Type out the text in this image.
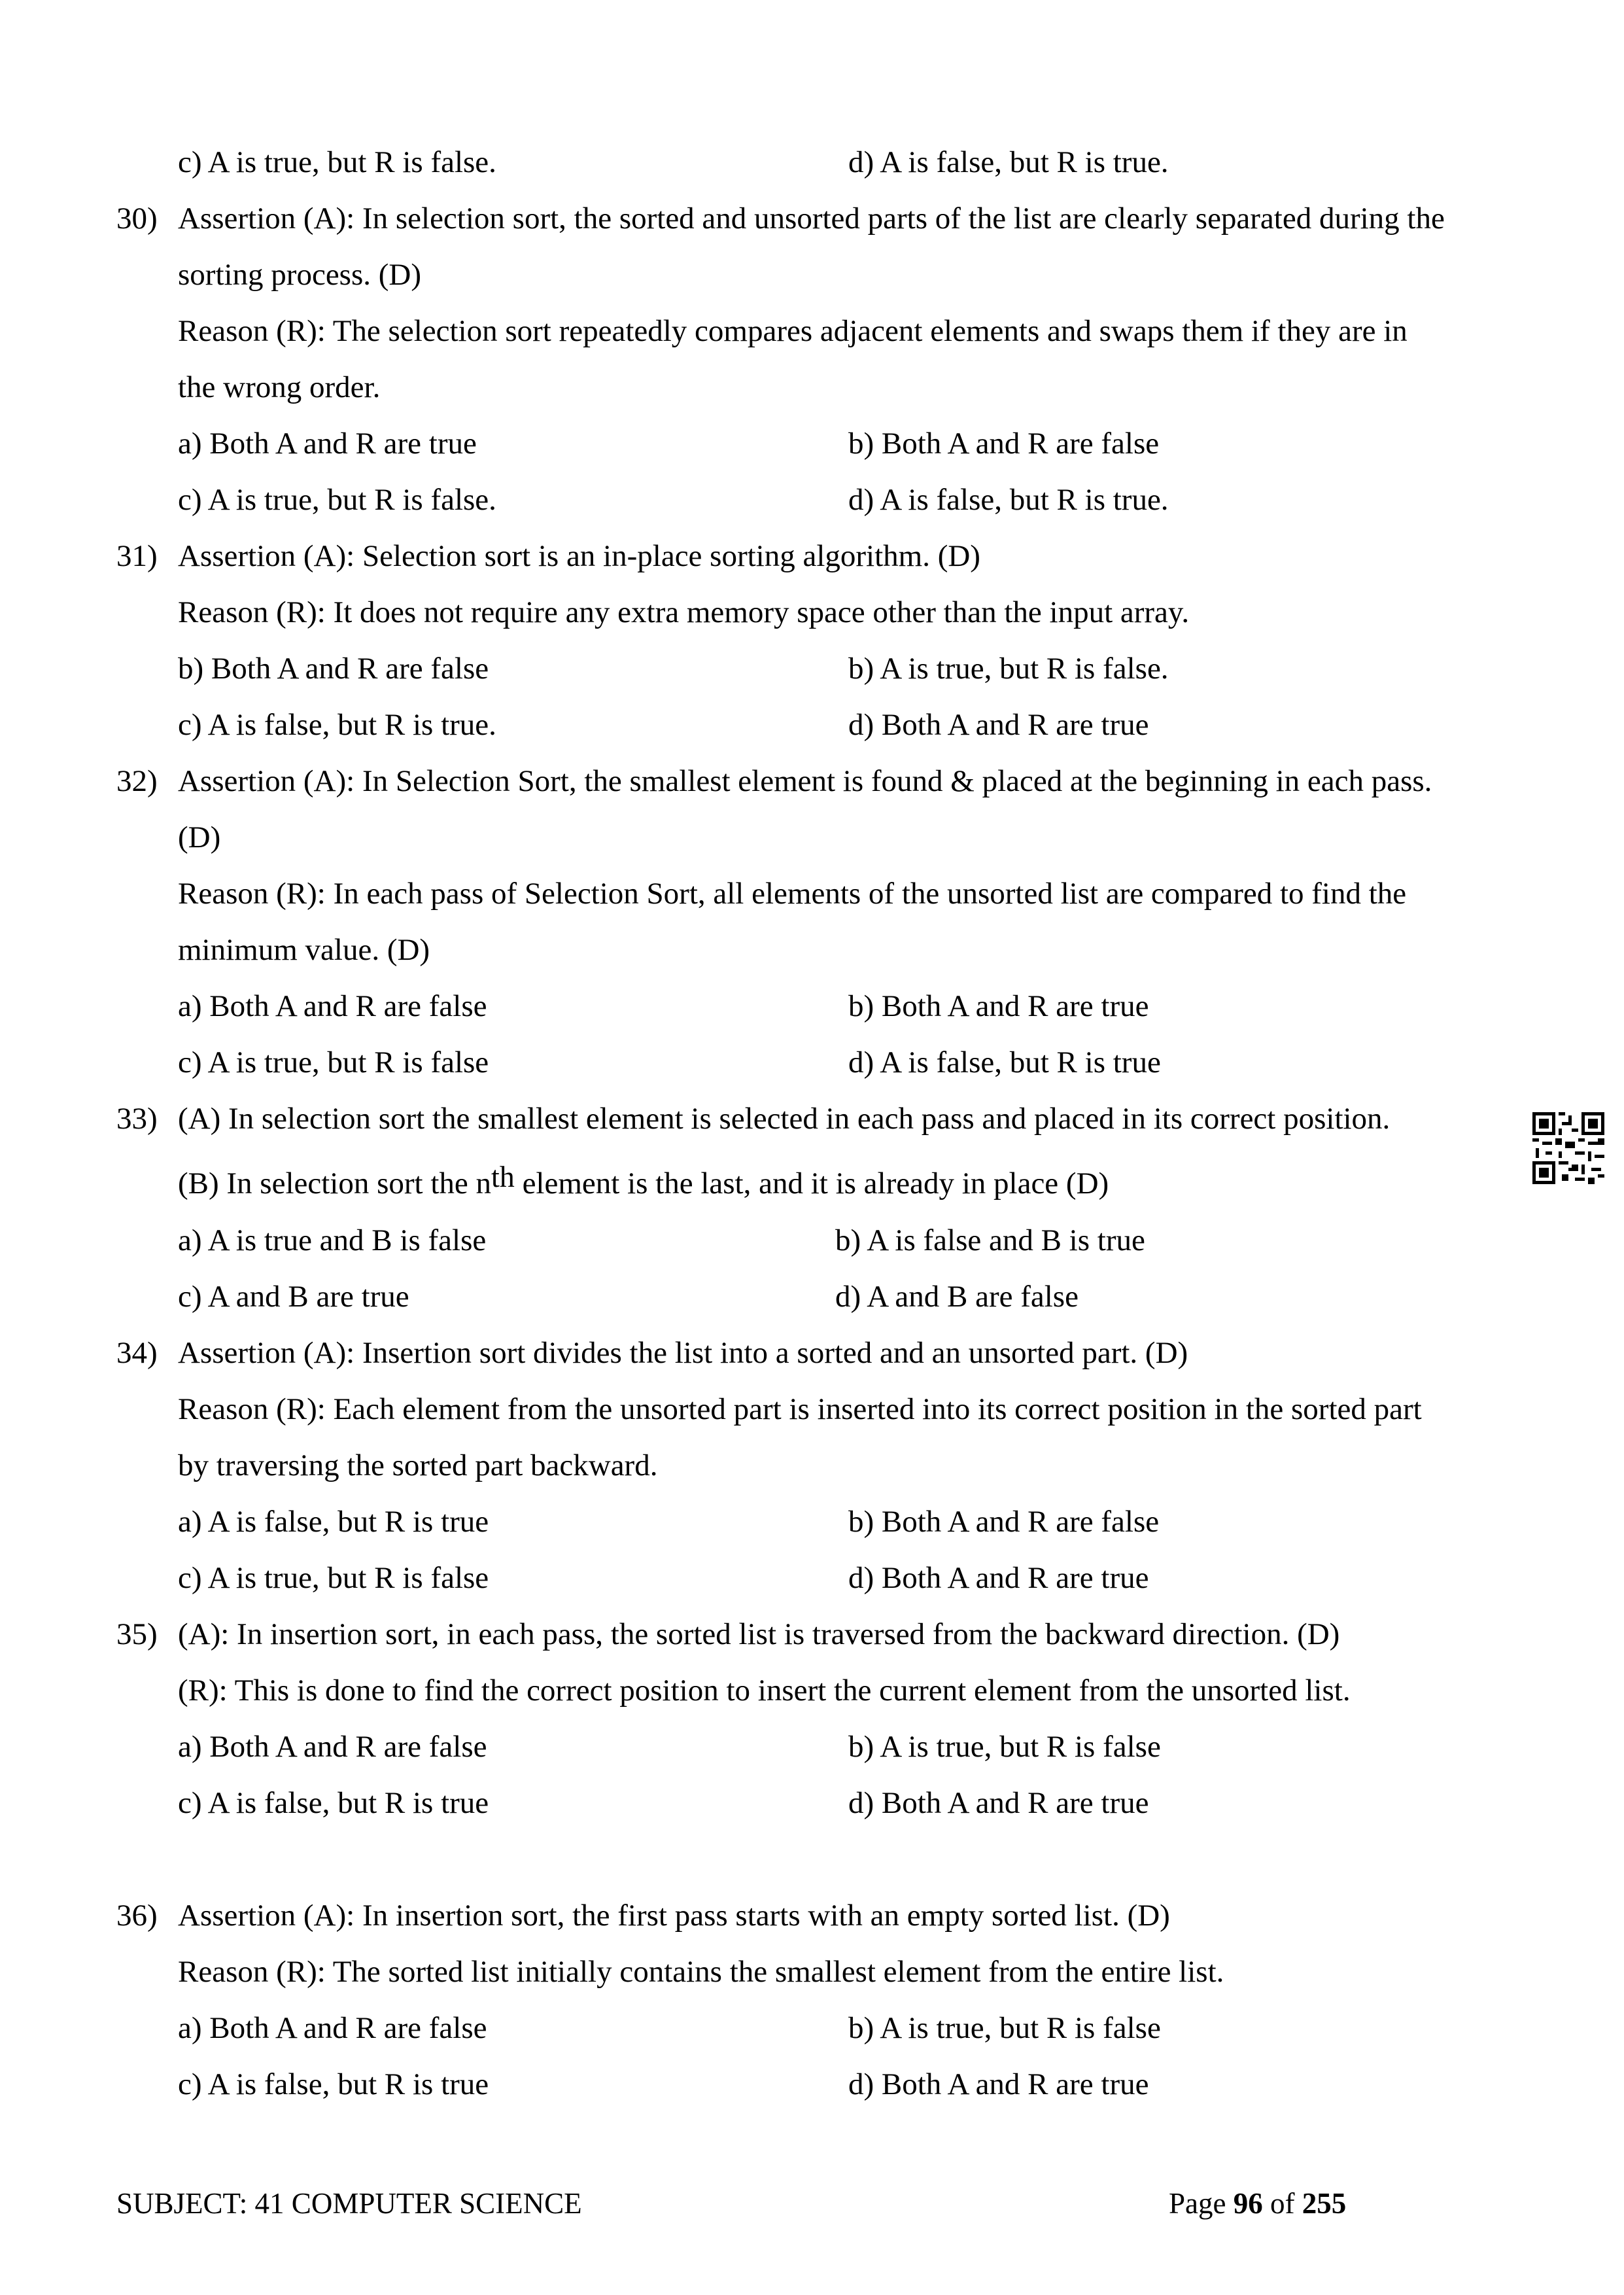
c) A is true, but R is false.	d) A is false, but R is true.
30) Assertion (A): In selection sort, the sorted and unsorted parts of the list are clearly separated during the
sorting process. (D)
Reason (R): The selection sort repeatedly compares adjacent elements and swaps them if they are in
the wrong order.
a) Both A and R are true	b) Both A and R are false
c) A is true, but R is false.	d) A is false, but R is true.
31) Assertion (A): Selection sort is an in-place sorting algorithm. (D)
Reason (R): It does not require any extra memory space other than the input array.
b) Both A and R are false	b) A is true, but R is false.
c) A is false, but R is true.	d) Both A and R are true
32) Assertion (A): In Selection Sort, the smallest element is found & placed at the beginning in each pass.
(D)
Reason (R): In each pass of Selection Sort, all elements of the unsorted list are compared to find the
minimum value. (D)
a) Both A and R are false	b) Both A and R are true
c) A is true, but R is false	d) A is false, but R is true
33) (A) In selection sort the smallest element is selected in each pass and placed in its correct position.
(B) In selection sort the $n^{th}$ element is the last, and it is already in place (D)
a) A is true and B is false	b) A is false and B is true
c) A and B are true	d) A and B are false
34) Assertion (A): Insertion sort divides the list into a sorted and an unsorted part. (D)
Reason (R): Each element from the unsorted part is inserted into its correct position in the sorted part
by traversing the sorted part backward.
a) A is false, but R is true	b) Both A and R are false
c) A is true, but R is false	d) Both A and R are true
35) (A): In insertion sort, in each pass, the sorted list is traversed from the backward direction. (D)
(R): This is done to find the correct position to insert the current element from the unsorted list.
a) Both A and R are false	b) A is true, but R is false
c) A is false, but R is true	d) Both A and R are true
36) Assertion (A): In insertion sort, the first pass starts with an empty sorted list. (D)
Reason (R): The sorted list initially contains the smallest element from the entire list.
a) Both A and R are false	b) A is true, but R is false
c) A is false, but R is true	d) Both A and R are true
SUBJECT: 41 COMPUTER SCIENCE	Page 96 of 255
